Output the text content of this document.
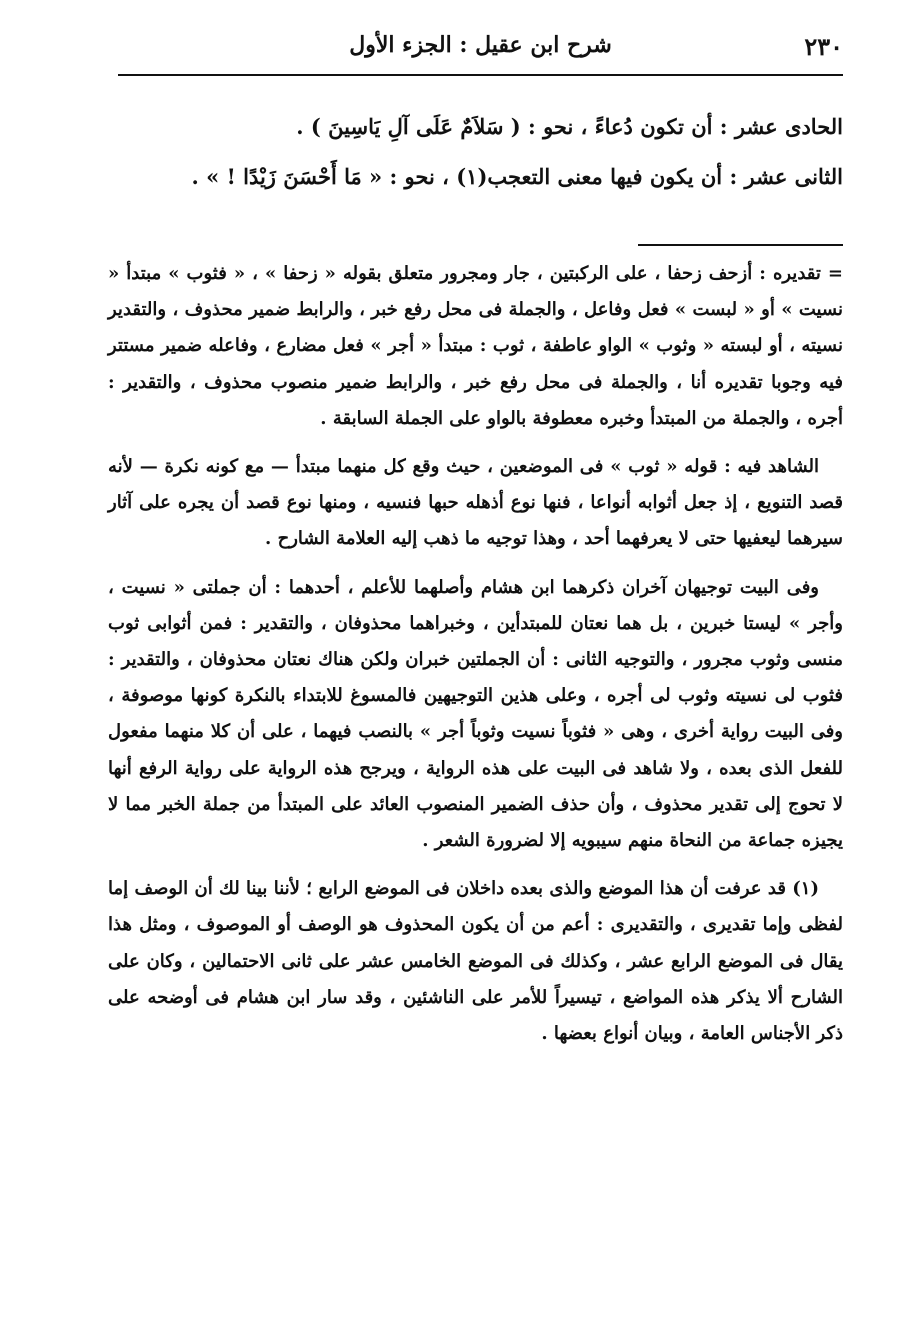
شرح ابن عقيل : الجزء الأول	٢٣٠
الحادى عشر : أن تكون دُعاءً ، نحو : ( سَلاَمٌ عَلَى آلِ يَاسِينَ ) .
الثانى عشر : أن يكون فيها معنى التعجب(١) ، نحو : « مَا أَحْسَنَ زَيْدًا ! » .

= تقديره : أزحف زحفا ، على الركبتين ، جار ومجرور متعلق بقوله « زحفا » ، « فثوب » مبتدأ « نسيت » أو « لبست » فعل وفاعل ، والجملة فى محل رفع خبر ، والرابط ضمير محذوف ، والتقدير نسيته ، أو لبسته « وثوب » الواو عاطفة ، ثوب : مبتدأ « أجر » فعل مضارع ، وفاعله ضمير مستتر فيه وجوبا تقديره أنا ، والجملة فى محل رفع خبر ، والرابط ضمير منصوب محذوف ، والتقدير : أجره ، والجملة من المبتدأ وخبره معطوفة بالواو على الجملة السابقة .

الشاهد فيه : قوله « ثوب » فى الموضعين ، حيث وقع كل منهما مبتدأ — مع كونه نكرة — لأنه قصد التنويع ، إذ جعل أثوابه أنواعا ، فنها نوع أذهله حبها فنسيه ، ومنها نوع قصد أن يجره على آثار سيرهما ليعفيها حتى لا يعرفهما أحد ، وهذا توجيه ما ذهب إليه العلامة الشارح .

وفى البيت توجيهان آخران ذكرهما ابن هشام وأصلهما للأعلم ، أحدهما : أن جملتى « نسيت ، وأجر » ليستا خبرين ، بل هما نعتان للمبتدأين ، وخبراهما محذوفان ، والتقدير : فمن أثوابى ثوب منسى وثوب مجرور ، والتوجيه الثانى : أن الجملتين خبران ولكن هناك نعتان محذوفان ، والتقدير : فثوب لى نسيته وثوب لى أجره ، وعلى هذين التوجيهين فالمسوغ للابتداء بالنكرة كونها موصوفة ، وفى البيت رواية أخرى ، وهى « فثوباً نسيت وثوباً أجر » بالنصب فيهما ، على أن كلا منهما مفعول للفعل الذى بعده ، ولا شاهد فى البيت على هذه الرواية ، ويرجح هذه الرواية على رواية الرفع أنها لا تحوج إلى تقدير محذوف ، وأن حذف الضمير المنصوب العائد على المبتدأ من جملة الخبر مما لا يجيزه جماعة من النحاة منهم سيبويه إلا لضرورة الشعر .

(١) قد عرفت أن هذا الموضع والذى بعده داخلان فى الموضع الرابع ؛ لأننا بينا لك أن الوصف إما لفظى وإما تقديرى ، والتقديرى : أعم من أن يكون المحذوف هو الوصف أو الموصوف ، ومثل هذا يقال فى الموضع الرابع عشر ، وكذلك فى الموضع الخامس عشر على ثانى الاحتمالين ، وكان على الشارح ألا يذكر هذه المواضع ، تيسيراً للأمر على الناشئين ، وقد سار ابن هشام فى أوضحه على ذكر الأجناس العامة ، وبيان أنواع بعضها .
